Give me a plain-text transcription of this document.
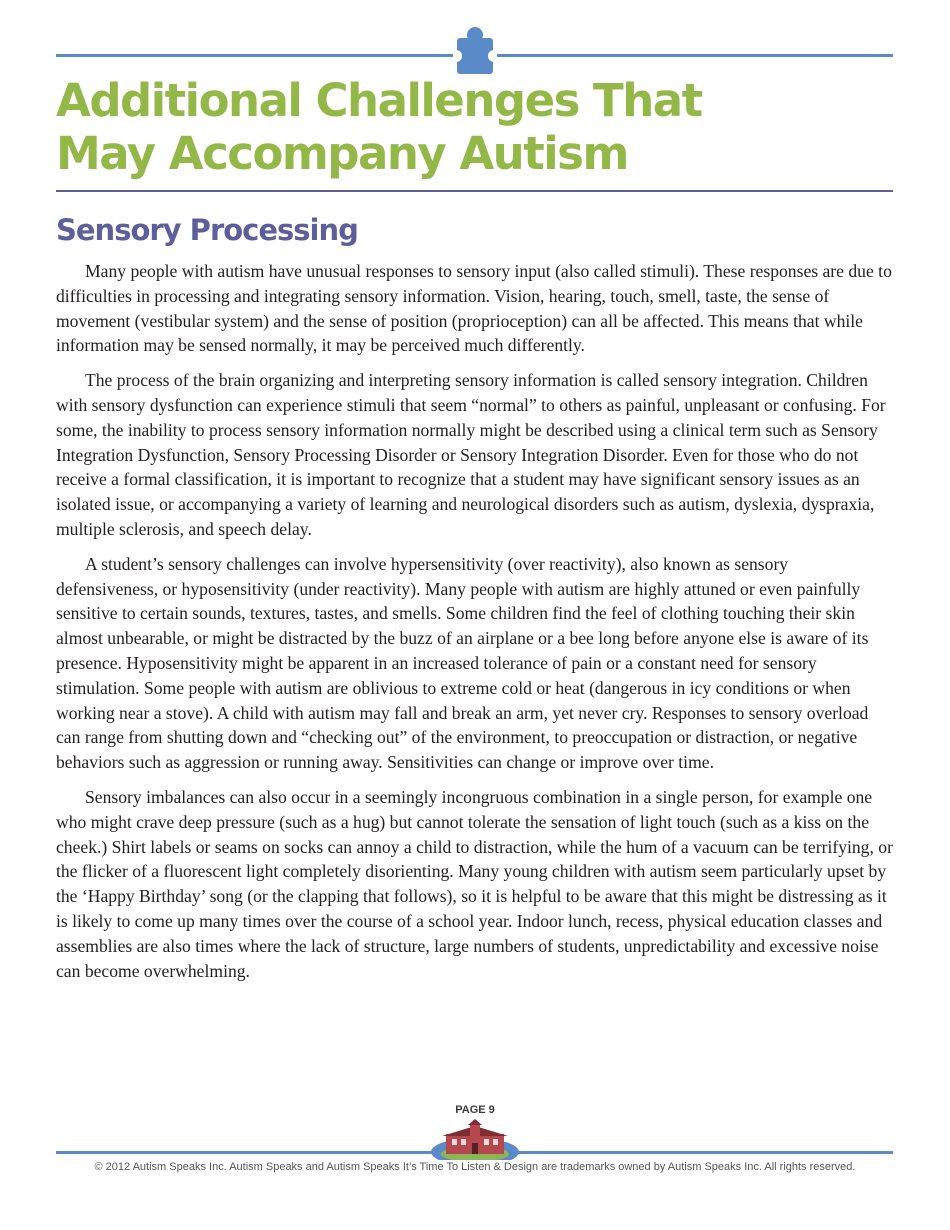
Additional Challenges That
May Accompany Autism
Sensory Processing

Many people with autism have unusual responses to sensory input (also called stimuli). These responses are due to difficulties in processing and integrating sensory information. Vision, hearing, touch, smell, taste, the sense of movement (vestibular system) and the sense of position (proprioception) can all be affected. This means that while information may be sensed normally, it may be perceived much differently.

The process of the brain organizing and interpreting sensory information is called sensory integration. Children with sensory dysfunction can experience stimuli that seem “normal” to others as painful, unpleasant or confusing. For some, the inability to process sensory information normally might be described using a clinical term such as Sensory Integration Dysfunction, Sensory Processing Disorder or Sensory Integration Disorder. Even for those who do not receive a formal classification, it is important to recognize that a student may have significant sensory issues as an isolated issue, or accompanying a variety of learning and neurological disorders such as autism, dyslexia, dyspraxia, multiple sclerosis, and speech delay.

A student’s sensory challenges can involve hypersensitivity (over reactivity), also known as sensory defensiveness, or hyposensitivity (under reactivity). Many people with autism are highly attuned or even painfully sensitive to certain sounds, textures, tastes, and smells. Some children find the feel of clothing touching their skin almost unbearable, or might be distracted by the buzz of an airplane or a bee long before anyone else is aware of its presence. Hyposensitivity might be apparent in an increased tolerance of pain or a constant need for sensory stimulation. Some people with autism are oblivious to extreme cold or heat (dangerous in icy conditions or when working near a stove). A child with autism may fall and break an arm, yet never cry. Responses to sensory overload can range from shutting down and “checking out” of the environment, to preoccupation or distraction, or negative behaviors such as aggression or running away. Sensitivities can change or improve over time.

Sensory imbalances can also occur in a seemingly incongruous combination in a single person, for example one who might crave deep pressure (such as a hug) but cannot tolerate the sensation of light touch (such as a kiss on the cheek.) Shirt labels or seams on socks can annoy a child to distraction, while the hum of a vacuum can be terrifying, or the flicker of a fluorescent light completely disorienting. Many young children with autism seem particularly upset by the ‘Happy Birthday’ song (or the clapping that follows), so it is helpful to be aware that this might be distressing as it is likely to come up many times over the course of a school year. Indoor lunch, recess, physical education classes and assemblies are also times where the lack of structure, large numbers of students, unpredictability and excessive noise can become overwhelming.

PAGE 9
© 2012 Autism Speaks Inc. Autism Speaks and Autism Speaks It’s Time To Listen & Design are trademarks owned by Autism Speaks Inc. All rights reserved.
